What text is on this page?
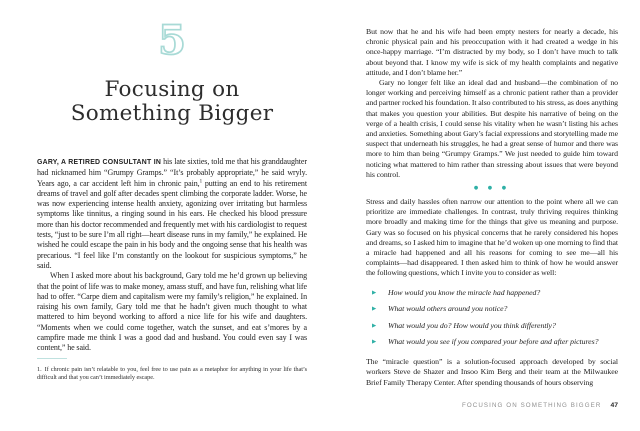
5
Focusing on
Something Bigger

GARY, A RETIRED CONSULTANT IN his late sixties, told me that his granddaughter had nicknamed him “Grumpy Gramps.” “It’s probably appropriate,” he said wryly. Years ago, a car accident left him in chronic pain,$^1$ putting an end to his retirement dreams of travel and golf after decades spent climbing the corporate ladder. Worse, he was now experiencing intense health anxiety, agonizing over irritating but harmless symptoms like tinnitus, a ringing sound in his ears. He checked his blood pressure more than his doctor recommended and frequently met with his cardiologist to request tests, “just to be sure I’m all right—heart disease runs in my family,” he explained. He wished he could escape the pain in his body and the ongoing sense that his health was precarious. “I feel like I’m constantly on the lookout for suspicious symptoms,” he said.

When I asked more about his background, Gary told me he’d grown up believing that the point of life was to make money, amass stuff, and have fun, relishing what life had to offer. “Carpe diem and capitalism were my family’s religion,” he explained. In raising his own family, Gary told me that he hadn’t given much thought to what mattered to him beyond working to afford a nice life for his wife and daughters. “Moments when we could come together, watch the sunset, and eat s’mores by a campfire made me think I was a good dad and husband. You could even say I was content,” he said.

1. If chronic pain isn’t relatable to you, feel free to use pain as a metaphor for anything in your life that’s difficult and that you can’t immediately escape.

But now that he and his wife had been empty nesters for nearly a decade, his chronic physical pain and his preoccupation with it had created a wedge in his once-happy marriage. “I’m distracted by my body, so I don’t have much to talk about beyond that. I know my wife is sick of my health complaints and negative attitude, and I don’t blame her.”

Gary no longer felt like an ideal dad and husband—the combination of no longer working and perceiving himself as a chronic patient rather than a provider and partner rocked his foundation. It also contributed to his stress, as does anything that makes you question your abilities. But despite his narrative of being on the verge of a health crisis, I could sense his vitality when he wasn’t listing his aches and anxieties. Something about Gary’s facial expressions and storytelling made me suspect that underneath his struggles, he had a great sense of humor and there was more to him than being “Grumpy Gramps.” We just needed to guide him toward noticing what mattered to him rather than stressing about issues that were beyond his control.

● ● ●

Stress and daily hassles often narrow our attention to the point where all we can prioritize are immediate challenges. In contrast, truly thriving requires thinking more broadly and making time for the things that give us meaning and purpose. Gary was so focused on his physical concerns that he rarely considered his hopes and dreams, so I asked him to imagine that he’d woken up one morning to find that a miracle had happened and all his reasons for coming to see me—all his complaints—had disappeared. I then asked him to think of how he would answer the following questions, which I invite you to consider as well:

▶	How would you know the miracle had happened?
▶	What would others around you notice?
▶	What would you do? How would you think differently?
▶	What would you see if you compared your before and after pictures?

The “miracle question” is a solution-focused approach developed by social workers Steve de Shazer and Insoo Kim Berg and their team at the Milwaukee Brief Family Therapy Center. After spending thousands of hours observing

FOCUSING ON SOMETHING BIGGER 47
